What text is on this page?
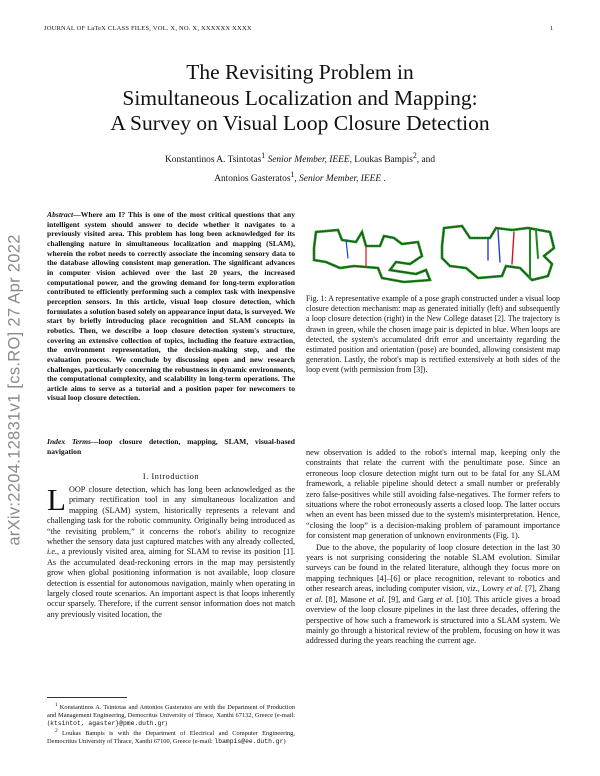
JOURNAL OF LaTeX CLASS FILES, VOL. X, NO. X, XXXXXX XXXX	1
The Revisiting Problem in
Simultaneous Localization and Mapping:
A Survey on Visual Loop Closure Detection
Konstantinos A. Tsintotas$^1$ Senior Member, IEEE, Loukas Bampis$^2$, and
Antonios Gasteratos$^1$, Senior Member, IEEE .
arXiv:2204.12831v1 [cs.RO] 27 Apr 2022
Abstract—Where am I? This is one of the most critical questions that any intelligent system should answer to decide whether it navigates to a previously visited area. This problem has long been acknowledged for its challenging nature in simultaneous localization and mapping (SLAM), wherein the robot needs to correctly associate the incoming sensory data to the database allowing consistent map generation. The significant advances in computer vision achieved over the last 20 years, the increased computational power, and the growing demand for long-term exploration contributed to efficiently performing such a complex task with inexpensive perception sensors. In this article, visual loop closure detection, which formulates a solution based solely on appearance input data, is surveyed. We start by briefly introducing place recognition and SLAM concepts in robotics. Then, we describe a loop closure detection system's structure, covering an extensive collection of topics, including the feature extraction, the environment representation, the decision-making step, and the evaluation process. We conclude by discussing open and new research challenges, particularly concerning the robustness in dynamic environments, the computational complexity, and scalability in long-term operations. The article aims to serve as a tutorial and a position paper for newcomers to visual loop closure detection.
Index Terms—loop closure detection, mapping, SLAM, visual-based navigation
I. Introduction

LOOP closure detection, which has long been acknowledged as the primary rectification tool in any simultaneous localization and mapping (SLAM) system, historically represents a relevant and challenging task for the robotic community. Originally being introduced as “the revisiting problem,” it concerns the robot's ability to recognize whether the sensory data just captured matches with any already collected, i.e., a previously visited area, aiming for SLAM to revise its position [1]. As the accumulated dead-reckoning errors in the map may persistently grow when global positioning information is not available, loop closure detection is essential for autonomous navigation, mainly when operating in largely closed route scenarios. An important aspect is that loops inherently occur sparsely. Therefore, if the current sensor information does not match any previously visited location, the

$^1$ Konstantinos A. Tsintotas and Antonios Gasteratos are with the Department of Production and Management Engineering, Democritus University of Thrace, Xanthi 67132, Greece (e-mail: {ktsintot, agaster}@pme.duth.gr)

$^2$ Loukas Bampis is with the Department of Electrical and Computer Engineering, Democritus University of Thrace, Xanthi 67100, Greece (e-mail: lbampis@ee.duth.gr)

Fig. 1: A representative example of a pose graph constructed under a visual loop closure detection mechanism: map as generated initially (left) and subsequently a loop closure detection (right) in the New College dataset [2]. The trajectory is drawn in green, while the chosen image pair is depicted in blue. When loops are detected, the system's accumulated drift error and uncertainty regarding the estimated position and orientation (pose) are bounded, allowing consistent map generation. Lastly, the robot's map is rectified extensively at both sides of the loop event (with permission from [3]).

new observation is added to the robot's internal map, keeping only the constraints that relate the current with the penultimate pose. Since an erroneous loop closure detection might turn out to be fatal for any SLAM framework, a reliable pipeline should detect a small number or preferably zero false-positives while still avoiding false-negatives. The former refers to situations where the robot erroneously asserts a closed loop. The latter occurs when an event has been missed due to the system's misinterpretation. Hence, “closing the loop” is a decision-making problem of paramount importance for consistent map generation of unknown environments (Fig. 1).

Due to the above, the popularity of loop closure detection in the last 30 years is not surprising considering the notable SLAM evolution. Similar surveys can be found in the related literature, although they focus more on mapping techniques [4]–[6] or place recognition, relevant to robotics and other research areas, including computer vision, viz., Lowry et al. [7], Zhang et al. [8], Masone et al. [9], and Garg et al. [10]. This article gives a broad overview of the loop closure pipelines in the last three decades, offering the perspective of how such a framework is structured into a SLAM system. We mainly go through a historical review of the problem, focusing on how it was addressed during the years reaching the current age.
